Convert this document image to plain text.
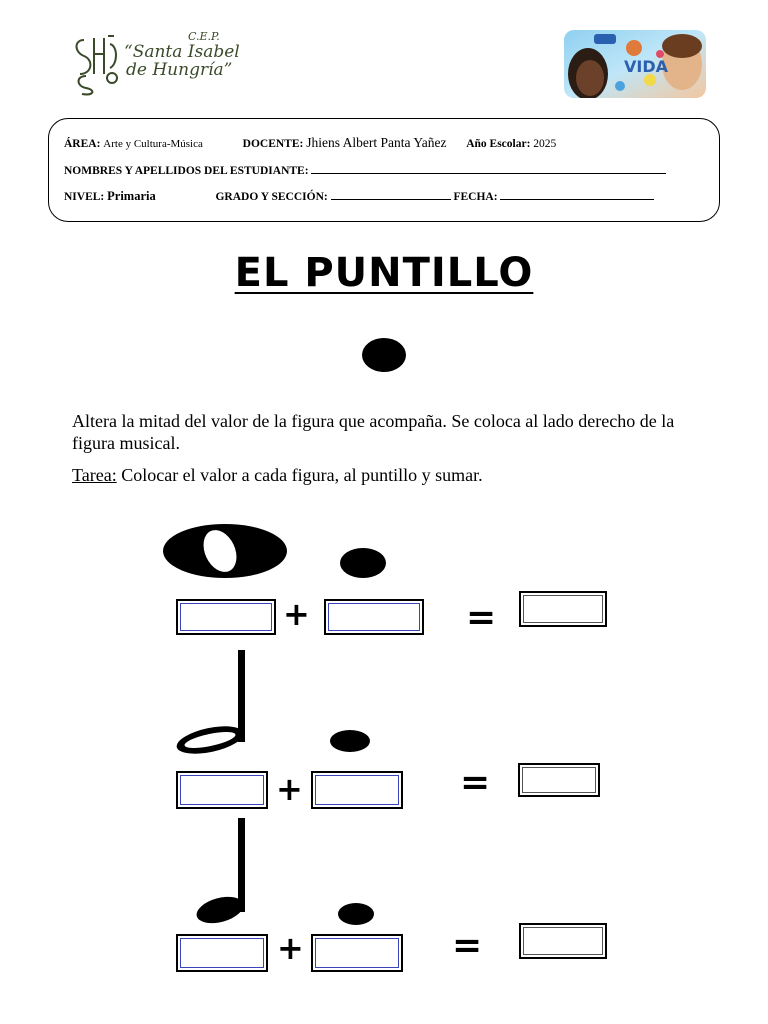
C.E.P.
“Santa Isabel
de Hungría”	VIDA
ÁREA: Arte y Cultura-Música	DOCENTE: Jhiens Albert Panta Yañez Año Escolar: 2025
NOMBRES Y APELLIDOS DEL ESTUDIANTE:
NIVEL: Primaria	GRADO Y SECCIÓN:	FECHA:
EL PUNTILLO
Altera la mitad del valor de la figura que acompaña. Se coloca al lado derecho de la figura musical.
Tarea: Colocar el valor a cada figura, al puntillo y sumar.
+	=
+	=
+	=
